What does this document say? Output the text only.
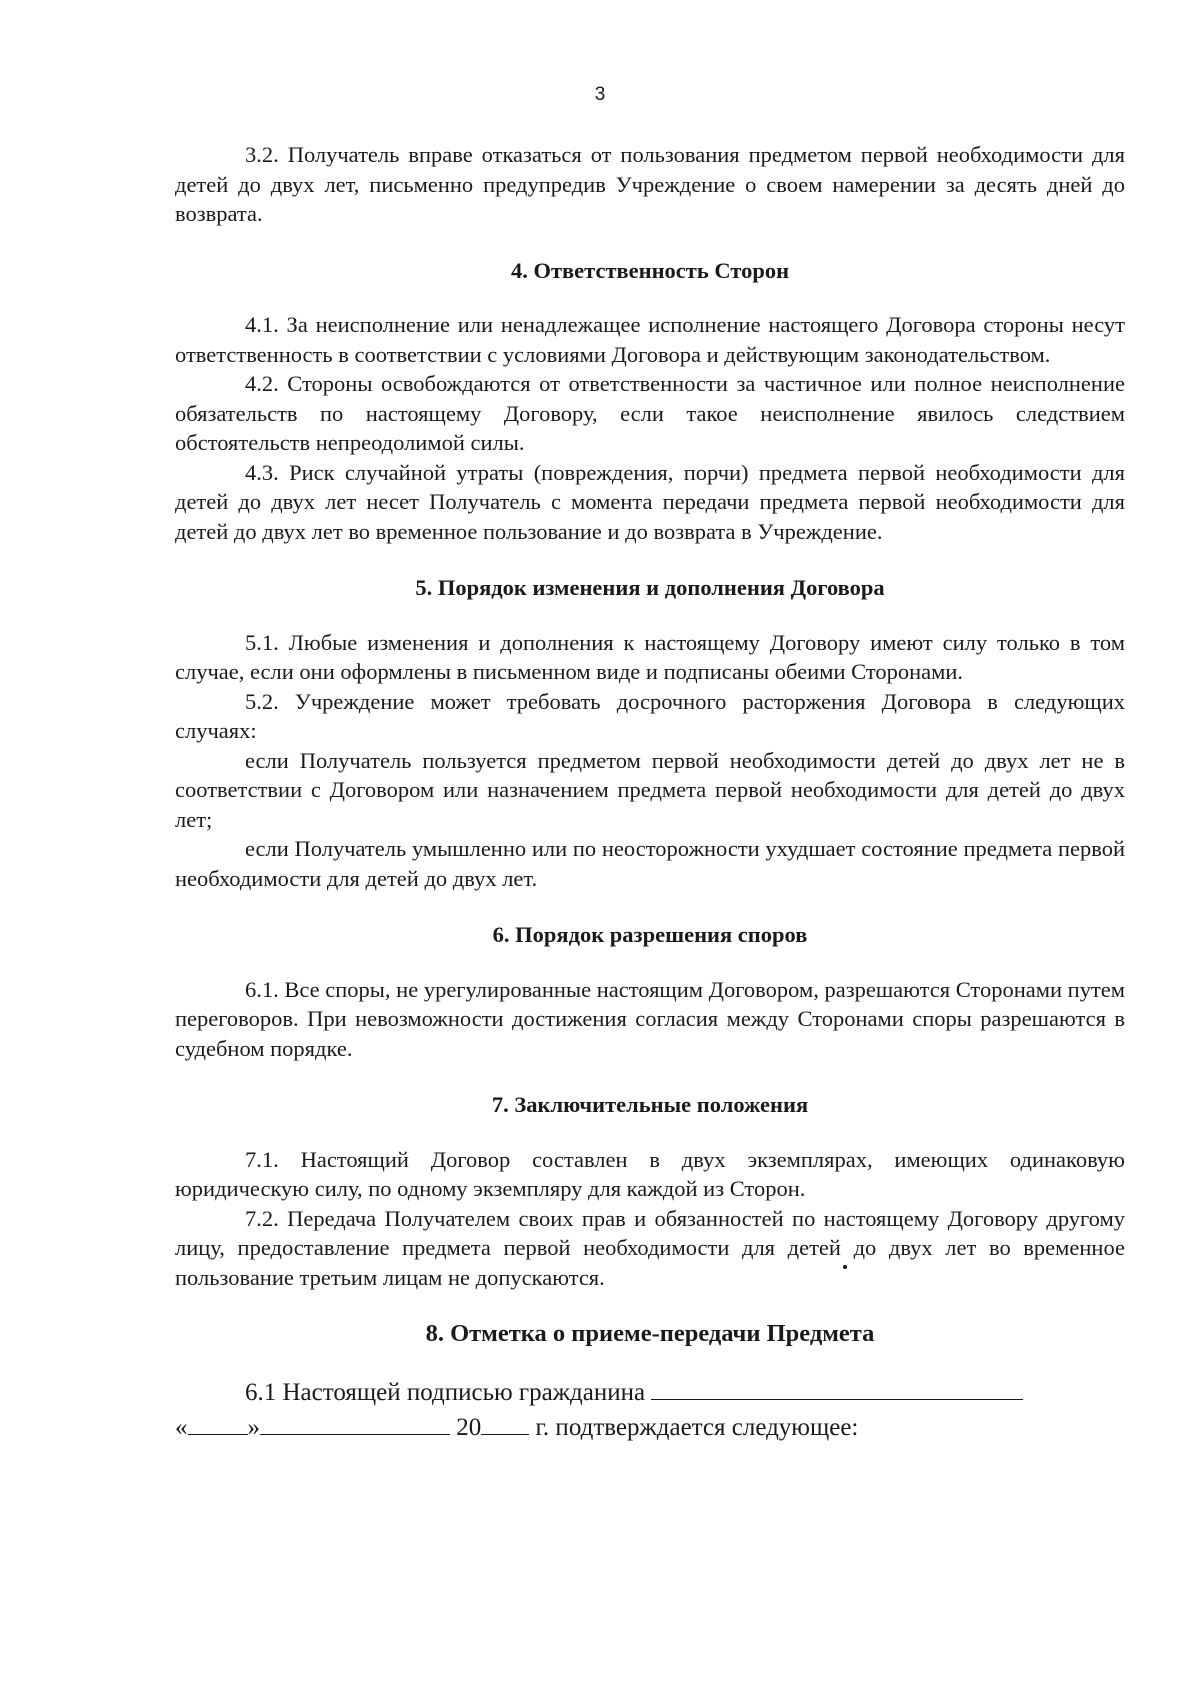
3

3.2. Получатель вправе отказаться от пользования предметом первой необходимости для детей до двух лет, письменно предупредив Учреждение о своем намерении за десять дней до возврата.

4. Ответственность Сторон

4.1. За неисполнение или ненадлежащее исполнение настоящего Договора стороны несут ответственность в соответствии с условиями Договора и действующим законодательством.

4.2. Стороны освобождаются от ответственности за частичное или полное неисполнение обязательств по настоящему Договору, если такое неисполнение явилось следствием обстоятельств непреодолимой силы.

4.3. Риск случайной утраты (повреждения, порчи) предмета первой необходимости для детей до двух лет несет Получатель с момента передачи предмета первой необходимости для детей до двух лет во временное пользование и до возврата в Учреждение.

5. Порядок изменения и дополнения Договора

5.1. Любые изменения и дополнения к настоящему Договору имеют силу только в том случае, если они оформлены в письменном виде и подписаны обеими Сторонами.

5.2. Учреждение может требовать досрочного расторжения Договора в следующих случаях:

если Получатель пользуется предметом первой необходимости детей до двух лет не в соответствии с Договором или назначением предмета первой необходимости для детей до двух лет;

если Получатель умышленно или по неосторожности ухудшает состояние предмета первой необходимости для детей до двух лет.

6. Порядок разрешения споров

6.1. Все споры, не урегулированные настоящим Договором, разрешаются Сторонами путем переговоров. При невозможности достижения согласия между Сторонами споры разрешаются в судебном порядке.

7. Заключительные положения

7.1. Настоящий Договор составлен в двух экземплярах, имеющих одинаковую юридическую силу, по одному экземпляру для каждой из Сторон.

7.2. Передача Получателем своих прав и обязанностей по настоящему Договору другому лицу, предоставление предмета первой необходимости для детей до двух лет во временное пользование третьим лицам не допускаются.

8. Отметка о приеме-передачи Предмета

6.1 Настоящей подписью гражданина

« »	20 г. подтверждается следующее:
